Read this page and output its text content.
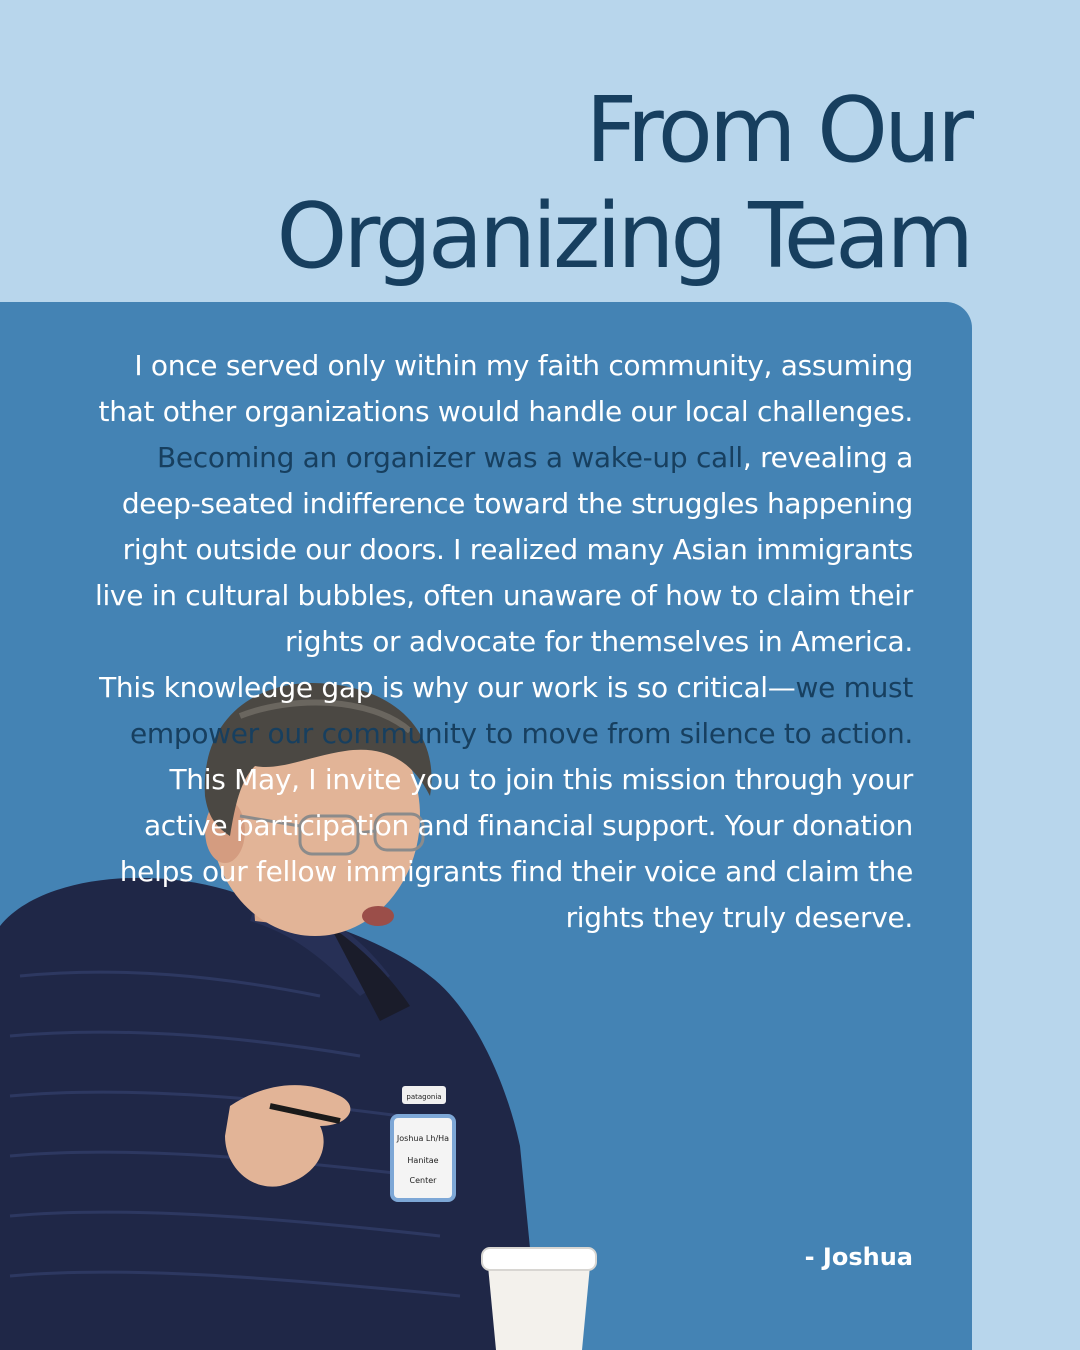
From Our
Organizing Team
Joshua Lh/Ha
Hanitae
Center
patagonia

I once served only within my faith community, assuming that other organizations would handle our local challenges. Becoming an organizer was a wake-up call, revealing a deep-seated indifference toward the struggles happening right outside our doors. I realized many Asian immigrants live in cultural bubbles, often unaware of how to claim their rights or advocate for themselves in America.
This knowledge gap is why our work is so critical—we must empower our community to move from silence to action.
This May, I invite you to join this mission through your active participation and financial support. Your donation helps our fellow immigrants find their voice and claim the rights they truly deserve.

- Joshua
